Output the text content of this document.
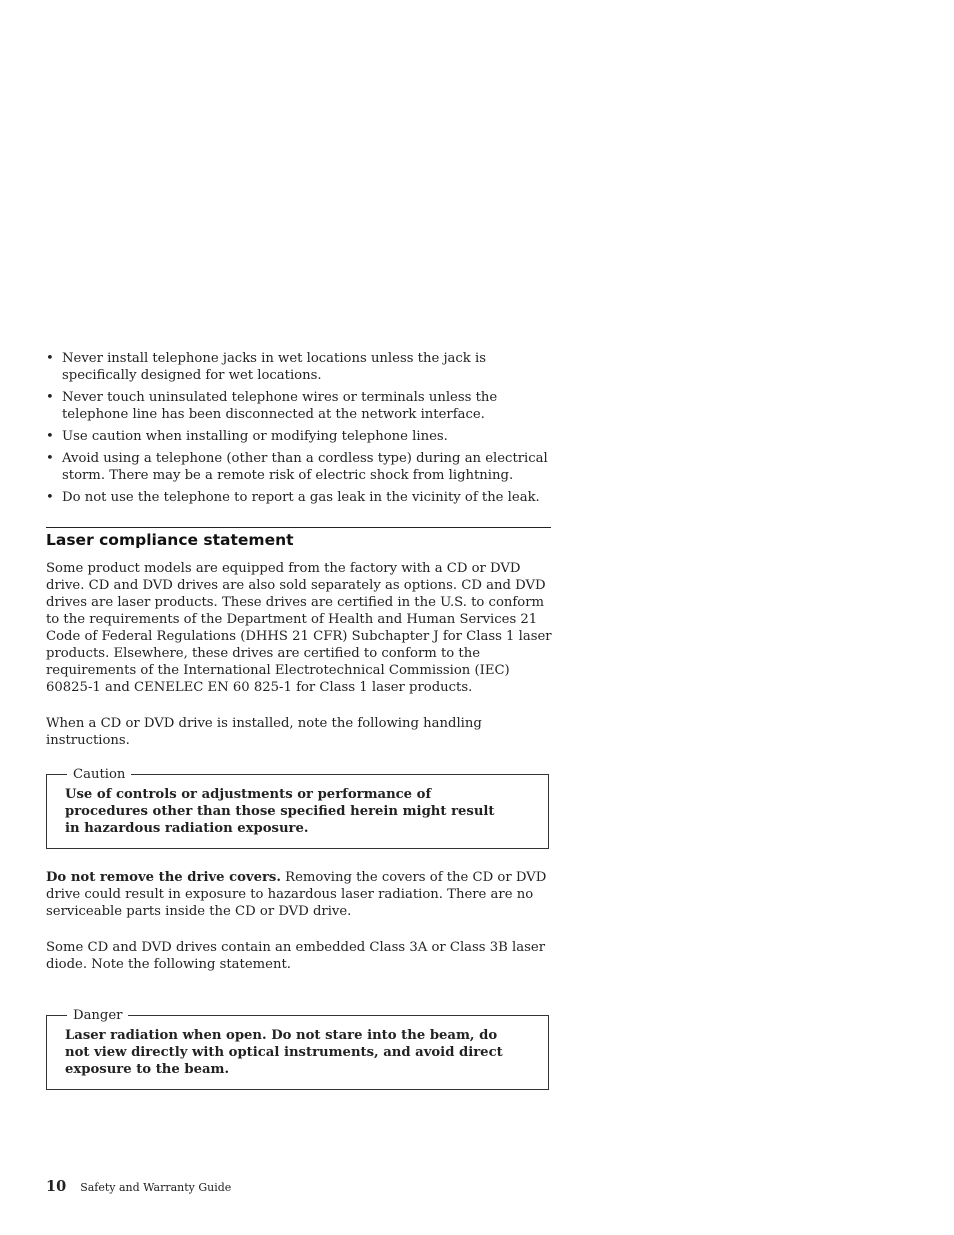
• Never install telephone jacks in wet locations unless the jack is specifically designed for wet locations.
• Never touch uninsulated telephone wires or terminals unless the telephone line has been disconnected at the network interface.
• Use caution when installing or modifying telephone lines.
• Avoid using a telephone (other than a cordless type) during an electrical storm. There may be a remote risk of electric shock from lightning.
• Do not use the telephone to report a gas leak in the vicinity of the leak.
Laser compliance statement

Some product models are equipped from the factory with a CD or DVD drive. CD and DVD drives are also sold separately as options. CD and DVD drives are laser products. These drives are certified in the U.S. to conform to the requirements of the Department of Health and Human Services 21 Code of Federal Regulations (DHHS 21 CFR) Subchapter J for Class 1 laser products. Elsewhere, these drives are certified to conform to the requirements of the International Electrotechnical Commission (IEC) 60825-1 and CENELEC EN 60 825-1 for Class 1 laser products.

When a CD or DVD drive is installed, note the following handling instructions.

Caution
Use of controls or adjustments or performance of procedures other than those specified herein might result in hazardous radiation exposure.

Do not remove the drive covers. Removing the covers of the CD or DVD drive could result in exposure to hazardous laser radiation. There are no serviceable parts inside the CD or DVD drive.

Some CD and DVD drives contain an embedded Class 3A or Class 3B laser diode. Note the following statement.

Danger
Laser radiation when open. Do not stare into the beam, do not view directly with optical instruments, and avoid direct exposure to the beam.
10 Safety and Warranty Guide
